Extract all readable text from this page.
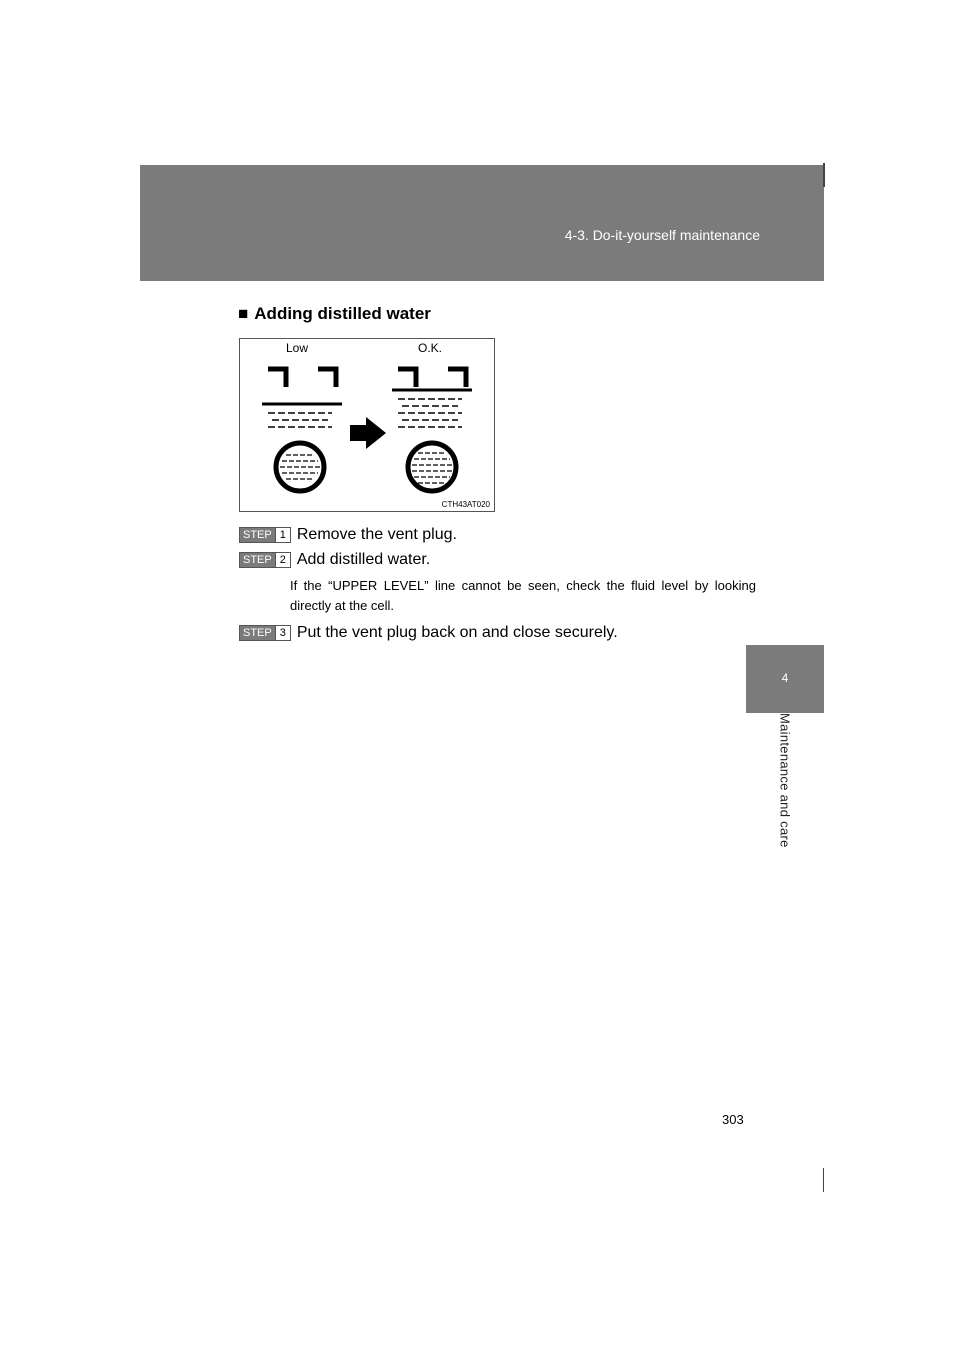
4-3. Do-it-yourself maintenance
4
Maintenance and care
■ Adding distilled water
Low	O.K.
CTH43AT020
STEP 1 Remove the vent plug.
STEP 2 Add distilled water.
If the “UPPER LEVEL” line cannot be seen, check the fluid level by looking directly at the cell.
STEP 3 Put the vent plug back on and close securely.
303
